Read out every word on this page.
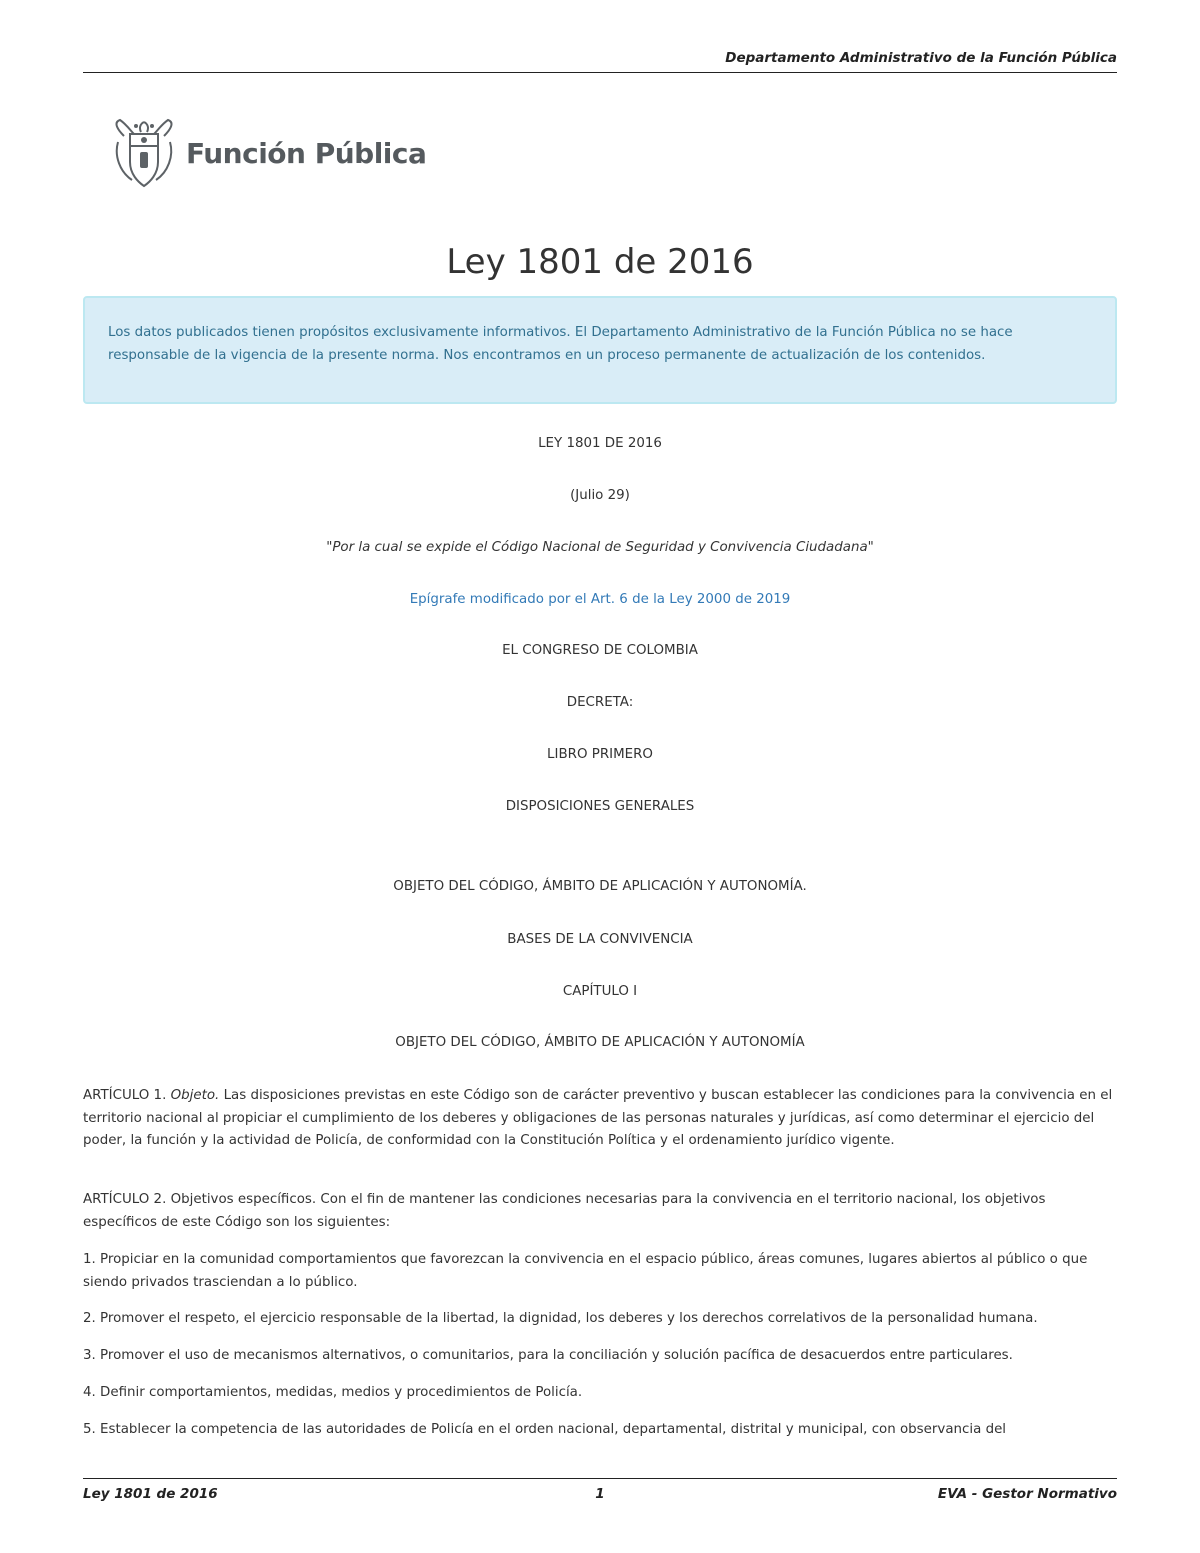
Departamento Administrativo de la Función Pública
Función Pública
Ley 1801 de 2016
Los datos publicados tienen propósitos exclusivamente informativos. El Departamento Administrativo de la Función Pública no se hace responsable de la vigencia de la presente norma. Nos encontramos en un proceso permanente de actualización de los contenidos.
LEY 1801 DE 2016
(Julio 29)
"Por la cual se expide el Código Nacional de Seguridad y Convivencia Ciudadana"
Epígrafe modificado por el Art. 6 de la Ley 2000 de 2019
EL CONGRESO DE COLOMBIA
DECRETA:
LIBRO PRIMERO
DISPOSICIONES GENERALES
OBJETO DEL CÓDIGO, ÁMBITO DE APLICACIÓN Y AUTONOMÍA.
BASES DE LA CONVIVENCIA
CAPÍTULO I
OBJETO DEL CÓDIGO, ÁMBITO DE APLICACIÓN Y AUTONOMÍA
ARTÍCULO 1. Objeto. Las disposiciones previstas en este Código son de carácter preventivo y buscan establecer las condiciones para la convivencia en el territorio nacional al propiciar el cumplimiento de los deberes y obligaciones de las personas naturales y jurídicas, así como determinar el ejercicio del poder, la función y la actividad de Policía, de conformidad con la Constitución Política y el ordenamiento jurídico vigente.
ARTÍCULO 2. Objetivos específicos. Con el fin de mantener las condiciones necesarias para la convivencia en el territorio nacional, los objetivos específicos de este Código son los siguientes:
1. Propiciar en la comunidad comportamientos que favorezcan la convivencia en el espacio público, áreas comunes, lugares abiertos al público o que siendo privados trasciendan a lo público.
2. Promover el respeto, el ejercicio responsable de la libertad, la dignidad, los deberes y los derechos correlativos de la personalidad humana.
3. Promover el uso de mecanismos alternativos, o comunitarios, para la conciliación y solución pacífica de desacuerdos entre particulares.
4. Definir comportamientos, medidas, medios y procedimientos de Policía.
5. Establecer la competencia de las autoridades de Policía en el orden nacional, departamental, distrital y municipal, con observancia del
Ley 1801 de 2016	1	EVA - Gestor Normativo
